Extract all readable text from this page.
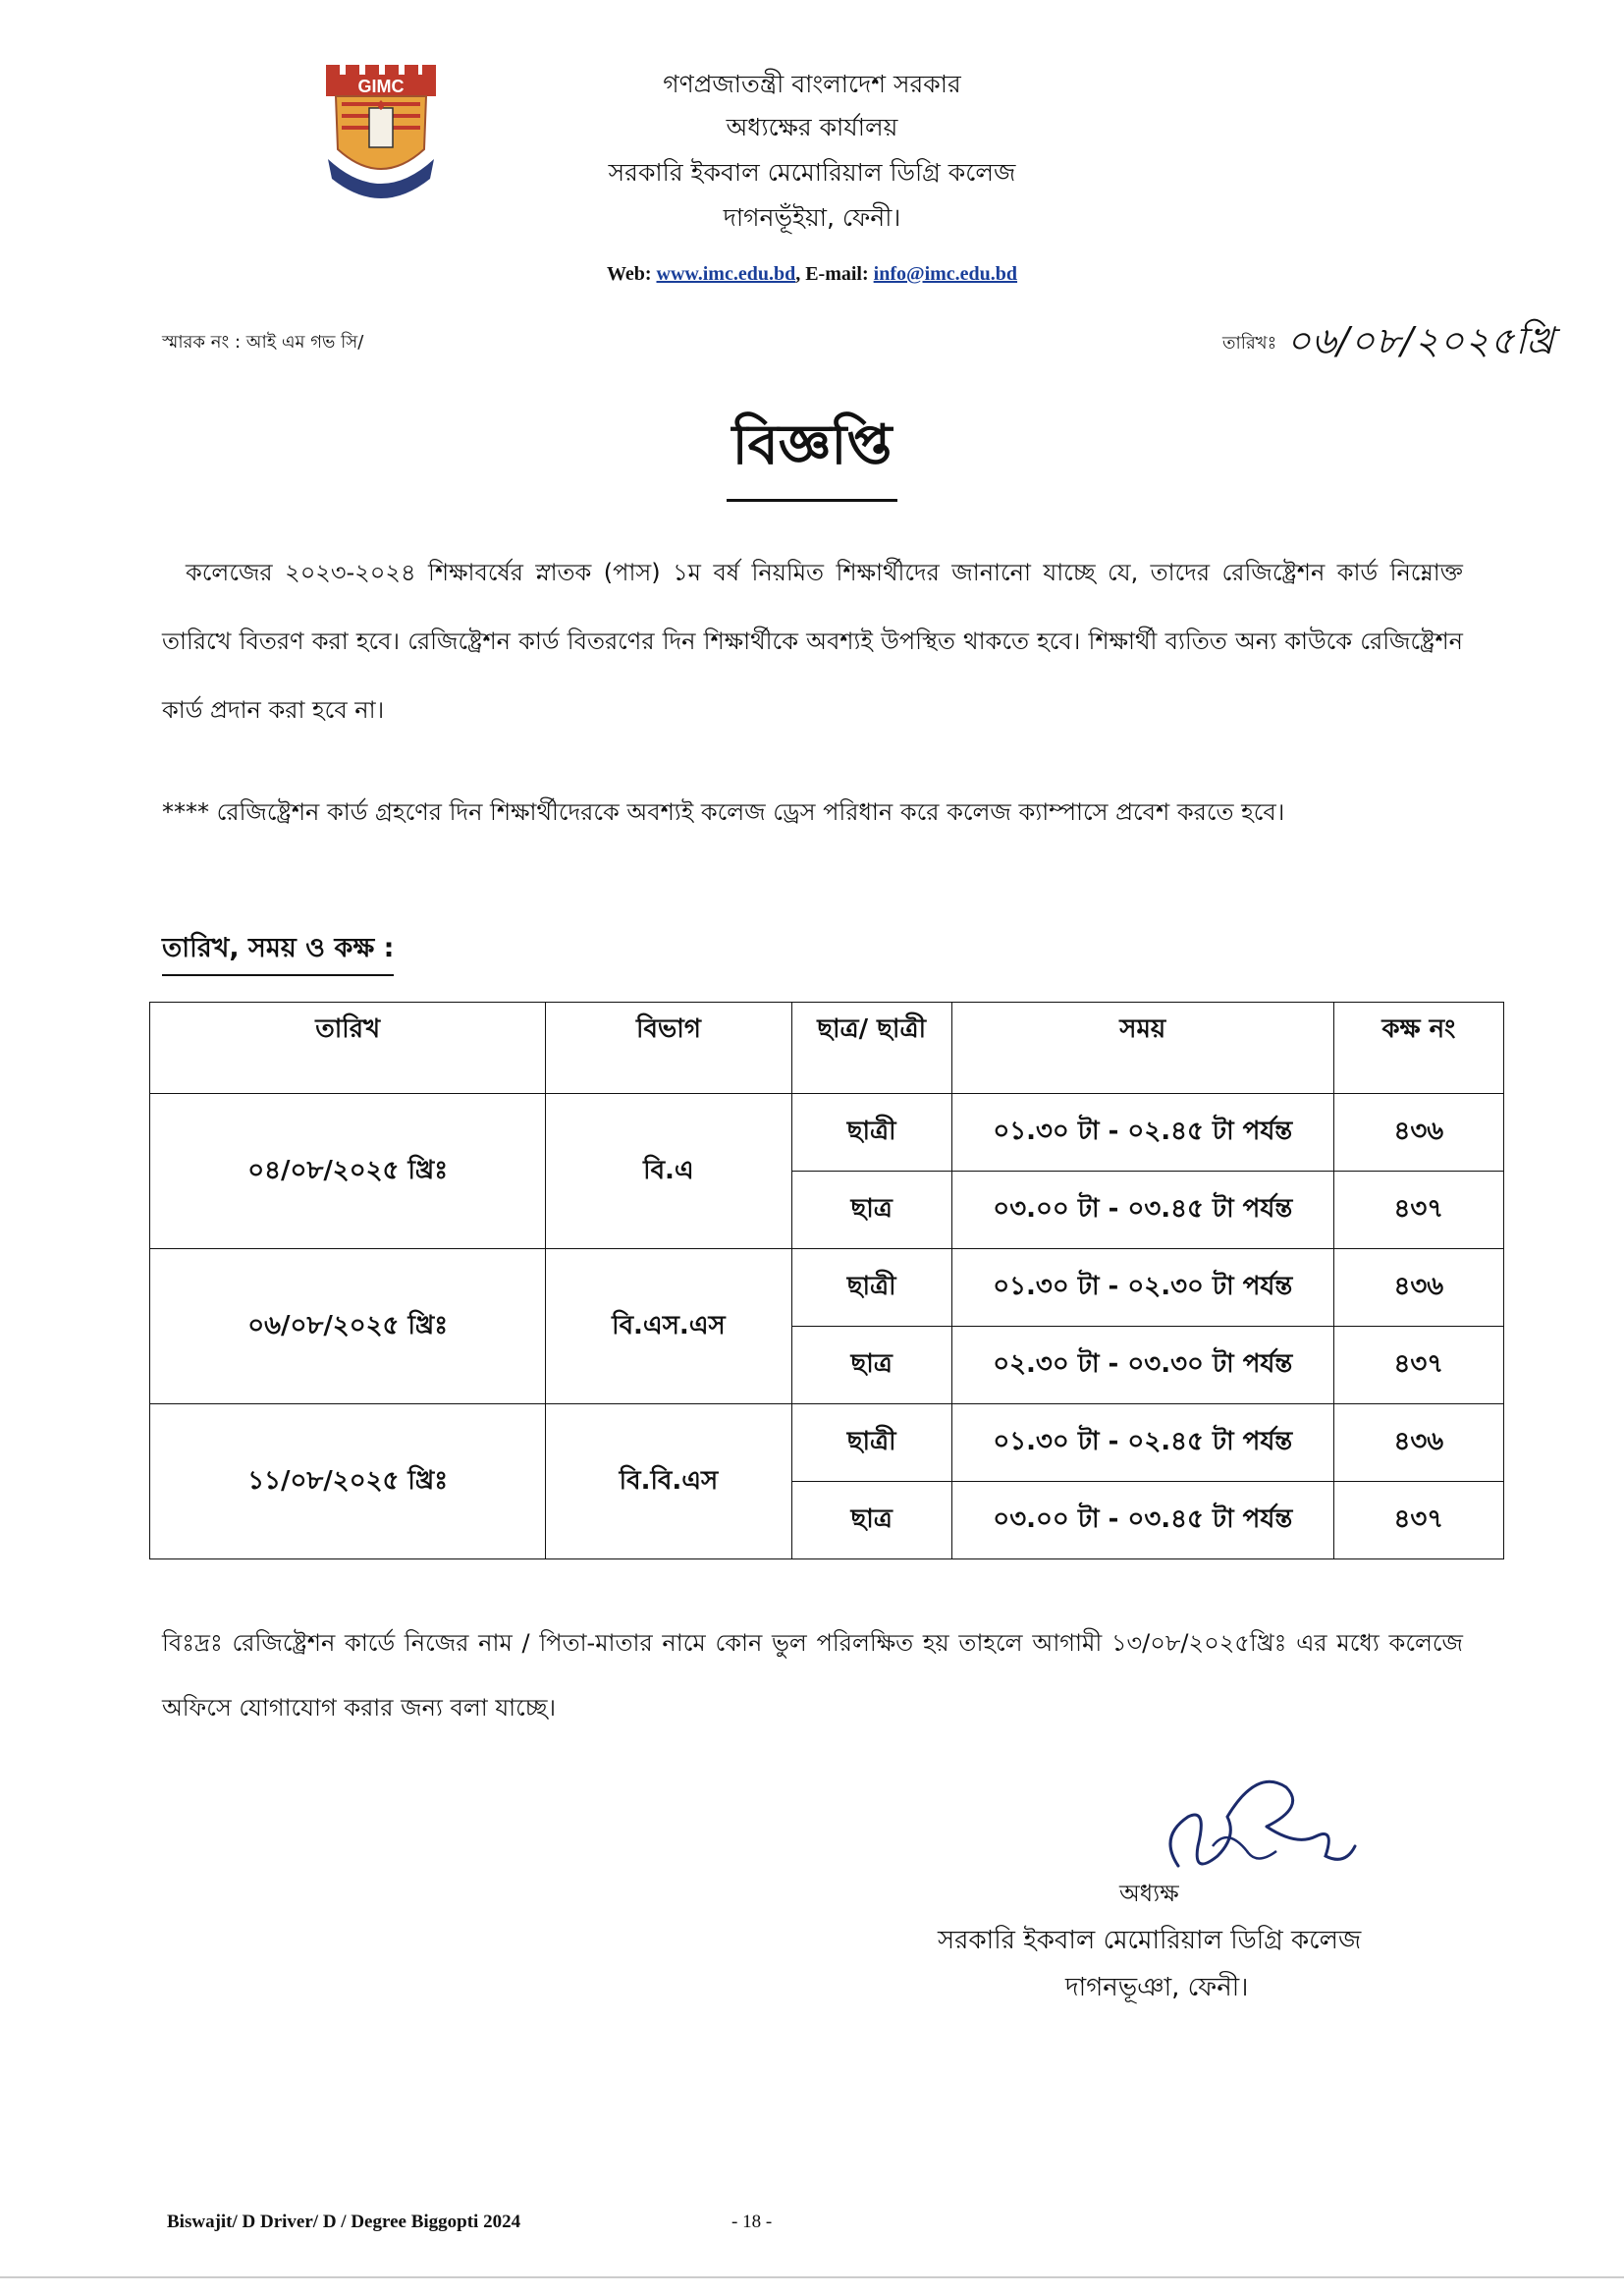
GIMC	গণপ্রজাতন্ত্রী বাংলাদেশ সরকার
অধ্যক্ষের কার্যালয়
সরকারি ইকবাল মেমোরিয়াল ডিগ্রি কলেজ
দাগনভূঁইয়া, ফেনী।
Web: www.imc.edu.bd, E-mail: info@imc.edu.bd
স্মারক নং : আই এম গভ সি/	তারিখঃ ০৬/০৮/২০২৫খ্রি
বিজ্ঞপ্তি
কলেজের ২০২৩-২০২৪ শিক্ষাবর্ষের স্নাতক (পাস) ১ম বর্ষ নিয়মিত শিক্ষার্থীদের জানানো যাচ্ছে যে, তাদের রেজিষ্ট্রেশন কার্ড নিম্নোক্ত তারিখে বিতরণ করা হবে। রেজিষ্ট্রেশন কার্ড বিতরণের দিন শিক্ষার্থীকে অবশ্যই উপস্থিত থাকতে হবে। শিক্ষার্থী ব্যতিত অন্য কাউকে রেজিষ্ট্রেশন কার্ড প্রদান করা হবে না।
**** রেজিষ্ট্রেশন কার্ড গ্রহণের দিন শিক্ষার্থীদেরকে অবশ্যই কলেজ ড্রেস পরিধান করে কলেজ ক্যাম্পাসে প্রবেশ করতে হবে।
তারিখ, সময় ও কক্ষ :
তারিখ	বিভাগ	ছাত্র/ ছাত্রী	সময়	কক্ষ নং
০৪/০৮/২০২৫ খ্রিঃ	বি.এ	ছাত্রী	০১.৩০ টা - ০২.৪৫ টা পর্যন্ত	৪৩৬
		ছাত্র	০৩.০০ টা - ০৩.৪৫ টা পর্যন্ত	৪৩৭
০৬/০৮/২০২৫ খ্রিঃ	বি.এস.এস	ছাত্রী	০১.৩০ টা - ০২.৩০ টা পর্যন্ত	৪৩৬
		ছাত্র	০২.৩০ টা - ০৩.৩০ টা পর্যন্ত	৪৩৭
১১/০৮/২০২৫ খ্রিঃ	বি.বি.এস	ছাত্রী	০১.৩০ টা - ০২.৪৫ টা পর্যন্ত	৪৩৬
		ছাত্র	০৩.০০ টা - ০৩.৪৫ টা পর্যন্ত	৪৩৭
বিঃদ্রঃ রেজিষ্ট্রেশন কার্ডে নিজের নাম / পিতা-মাতার নামে কোন ভুল পরিলক্ষিত হয় তাহলে আগামী ১৩/০৮/২০২৫খ্রিঃ এর মধ্যে কলেজে অফিসে যোগাযোগ করার জন্য বলা যাচ্ছে।
অধ্যক্ষ
সরকারি ইকবাল মেমোরিয়াল ডিগ্রি কলেজ
দাগনভূঞা, ফেনী।
Biswajit/ D Driver/ D / Degree Biggopti 2024	- 18 -
